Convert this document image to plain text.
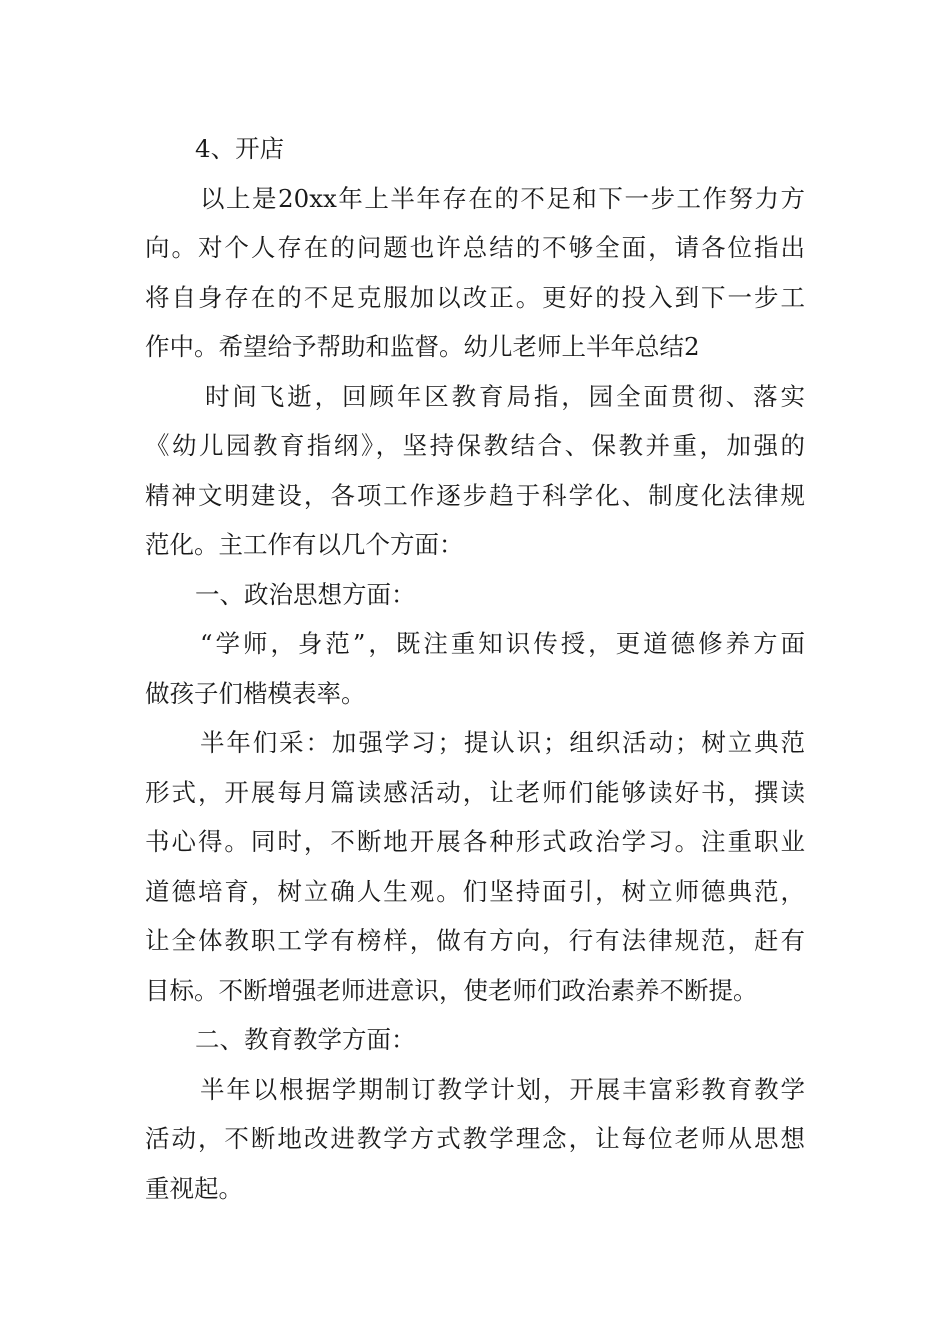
4、开店
以上是20xx年上半年存在的不足和下一步工作努力方
向。对个人存在的问题也许总结的不够全面，请各位指出
将自身存在的不足克服加以改正。更好的投入到下一步工
作中。希望给予帮助和监督。幼儿老师上半年总结2
时间飞逝，回顾年区教育局指，园全面贯彻、落实
《幼儿园教育指纲》，坚持保教结合、保教并重，加强的
精神文明建设，各项工作逐步趋于科学化、制度化法律规
范化。主工作有以几个方面：
一、政治思想方面：
“学师，身范”，既注重知识传授，更道德修养方面
做孩子们楷模表率。
半年们采：加强学习；提认识；组织活动；树立典范
形式，开展每月篇读感活动，让老师们能够读好书，撰读
书心得。同时，不断地开展各种形式政治学习。注重职业
道德培育，树立确人生观。们坚持面引，树立师德典范，
让全体教职工学有榜样，做有方向，行有法律规范，赶有
目标。不断增强老师进意识，使老师们政治素养不断提。
二、教育教学方面：
半年以根据学期制订教学计划，开展丰富彩教育教学
活动，不断地改进教学方式教学理念，让每位老师从思想
重视起。
